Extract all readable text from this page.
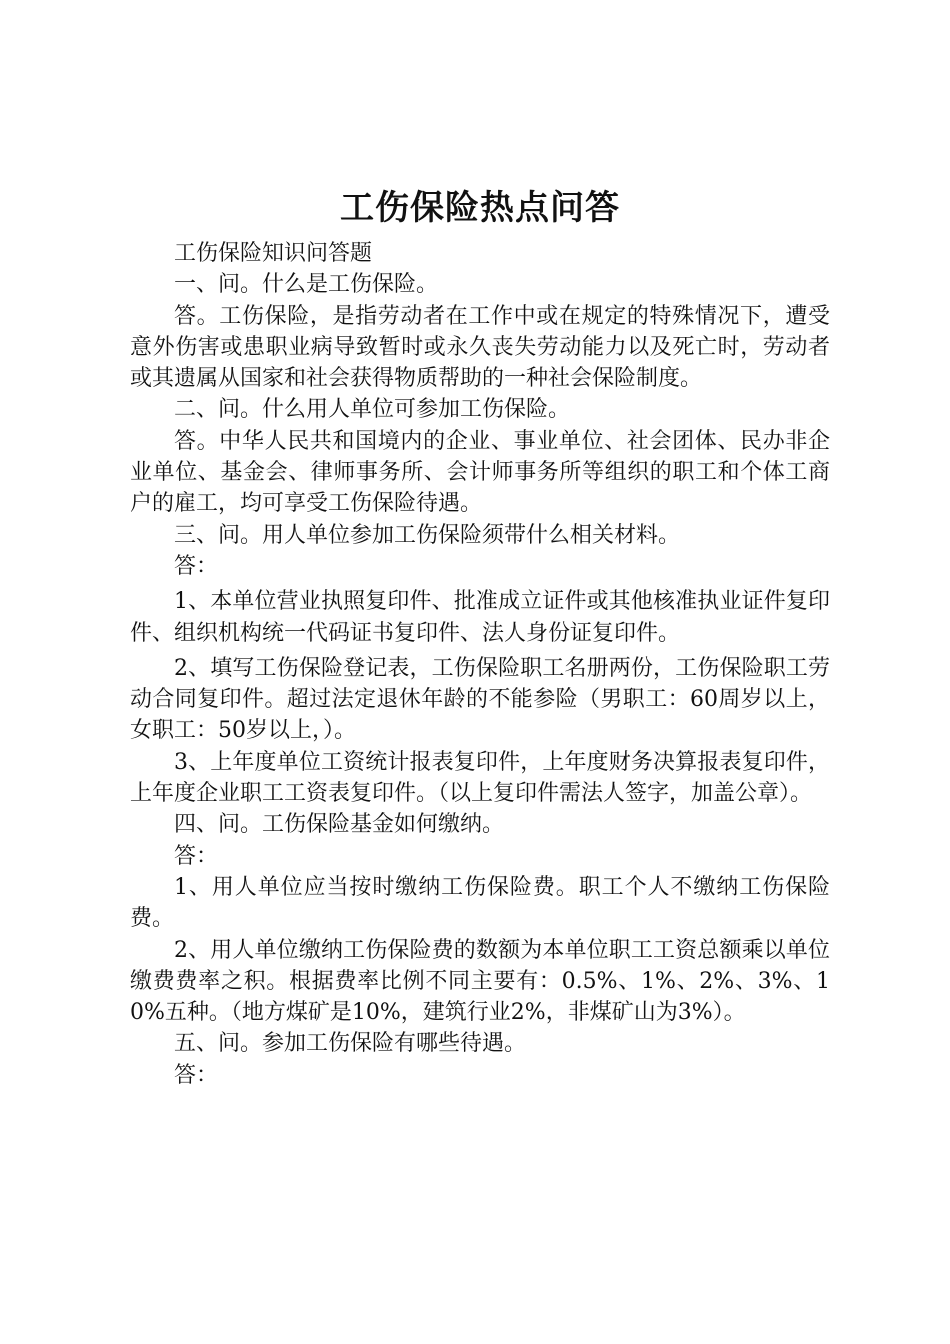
工伤保险热点问答

工伤保险知识问答题

一、问。什么是工伤保险。

答。工伤保险，是指劳动者在工作中或在规定的特殊情况下，遭受意外伤害或患职业病导致暂时或永久丧失劳动能力以及死亡时，劳动者或其遗属从国家和社会获得物质帮助的一种社会保险制度。

二、问。什么用人单位可参加工伤保险。

答。中华人民共和国境内的企业、事业单位、社会团体、民办非企业单位、基金会、律师事务所、会计师事务所等组织的职工和个体工商户的雇工，均可享受工伤保险待遇。

三、问。用人单位参加工伤保险须带什么相关材料。

答：

1、本单位营业执照复印件、批准成立证件或其他核准执业证件复印件、组织机构统一代码证书复印件、法人身份证复印件。

2、填写工伤保险登记表，工伤保险职工名册两份，工伤保险职工劳动合同复印件。超过法定退休年龄的不能参险（男职工：60周岁以上，女职工：50岁以上，）。

3、上年度单位工资统计报表复印件，上年度财务决算报表复印件，上年度企业职工工资表复印件。（以上复印件需法人签字，加盖公章）。

四、问。工伤保险基金如何缴纳。

答：

1、用人单位应当按时缴纳工伤保险费。职工个人不缴纳工伤保险费。

2、用人单位缴纳工伤保险费的数额为本单位职工工资总额乘以单位缴费费率之积。根据费率比例不同主要有：0.5%、1%、2%、3%、10%五种。（地方煤矿是10%，建筑行业2%，非煤矿山为3%）。

五、问。参加工伤保险有哪些待遇。

答：
